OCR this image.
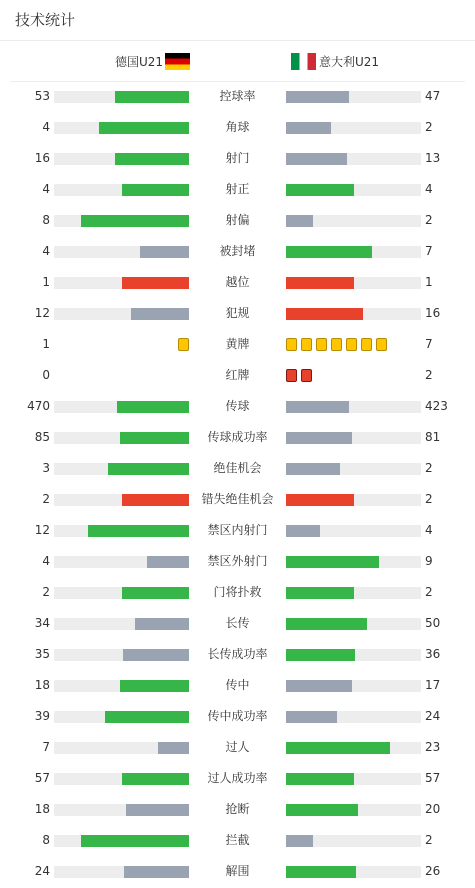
技术统计
德国U21	意大利U21
53	控球率	47
4	角球	2
16	射门	13
4	射正	4
8	射偏	2
4	被封堵	7
1	越位	1
12	犯规	16
1	黄牌	7
0	红牌	2
470	传球	423
85	传球成功率	81
3	绝佳机会	2
2	错失绝佳机会	2
12	禁区内射门	4
4	禁区外射门	9
2	门将扑救	2
34	长传	50
35	长传成功率	36
18	传中	17
39	传中成功率	24
7	过人	23
57	过人成功率	57
18	抢断	20
8	拦截	2
24	解围	26
